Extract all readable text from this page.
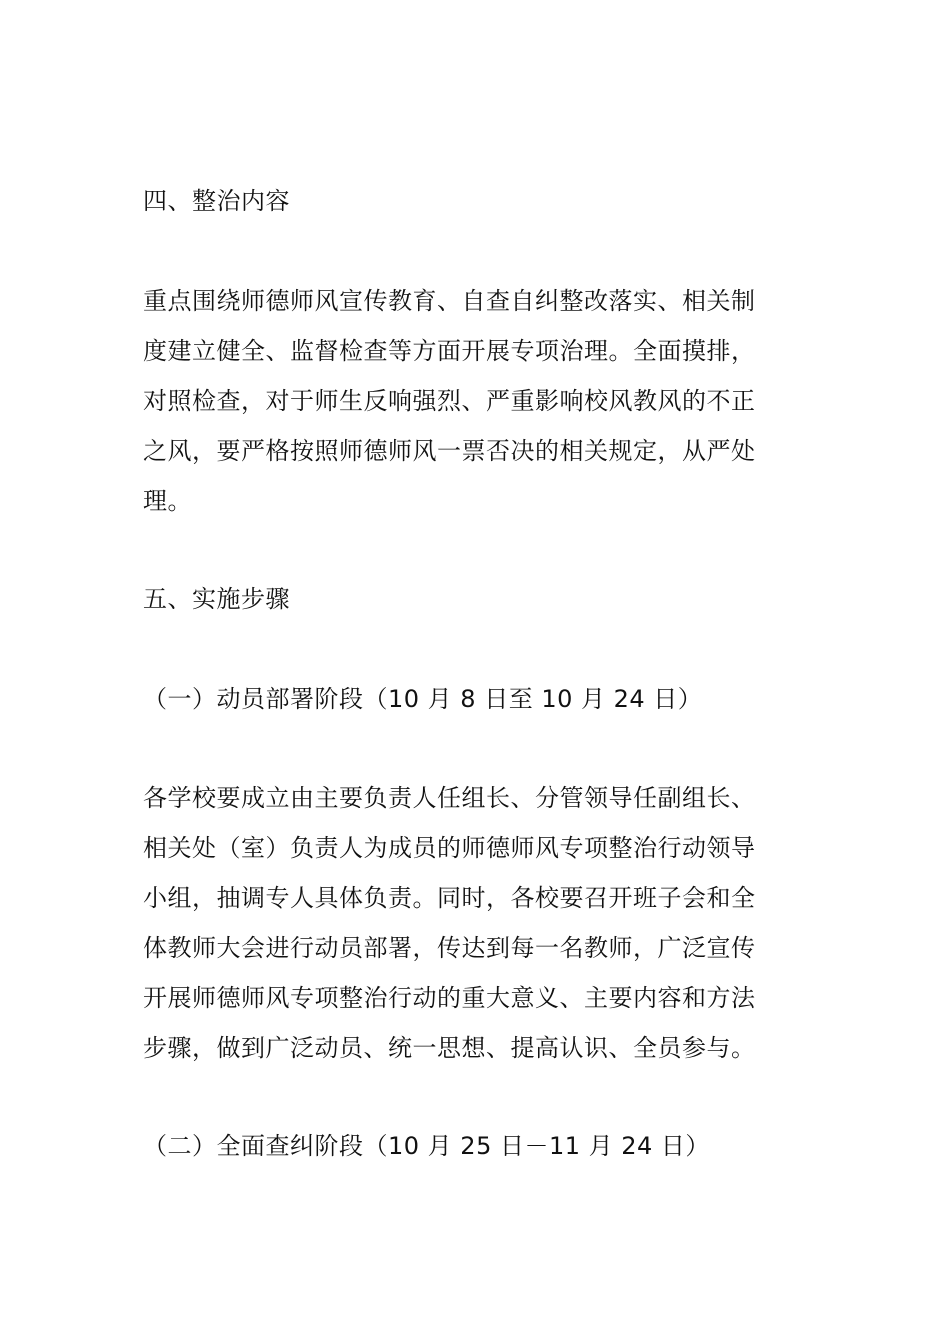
四、整治内容
重点围绕师德师风宣传教育、自查自纠整改落实、相关制
度建立健全、监督检查等方面开展专项治理。全面摸排，
对照检查，对于师生反响强烈、严重影响校风教风的不正
之风，要严格按照师德师风一票否决的相关规定，从严处
理。
五、实施步骤
（一）动员部署阶段（10 月 8 日至 10 月 24 日）
各学校要成立由主要负责人任组长、分管领导任副组长、
相关处（室）负责人为成员的师德师风专项整治行动领导
小组，抽调专人具体负责。同时，各校要召开班子会和全
体教师大会进行动员部署，传达到每一名教师，广泛宣传
开展师德师风专项整治行动的重大意义、主要内容和方法
步骤，做到广泛动员、统一思想、提高认识、全员参与。
（二）全面查纠阶段（10 月 25 日－11 月 24 日）
